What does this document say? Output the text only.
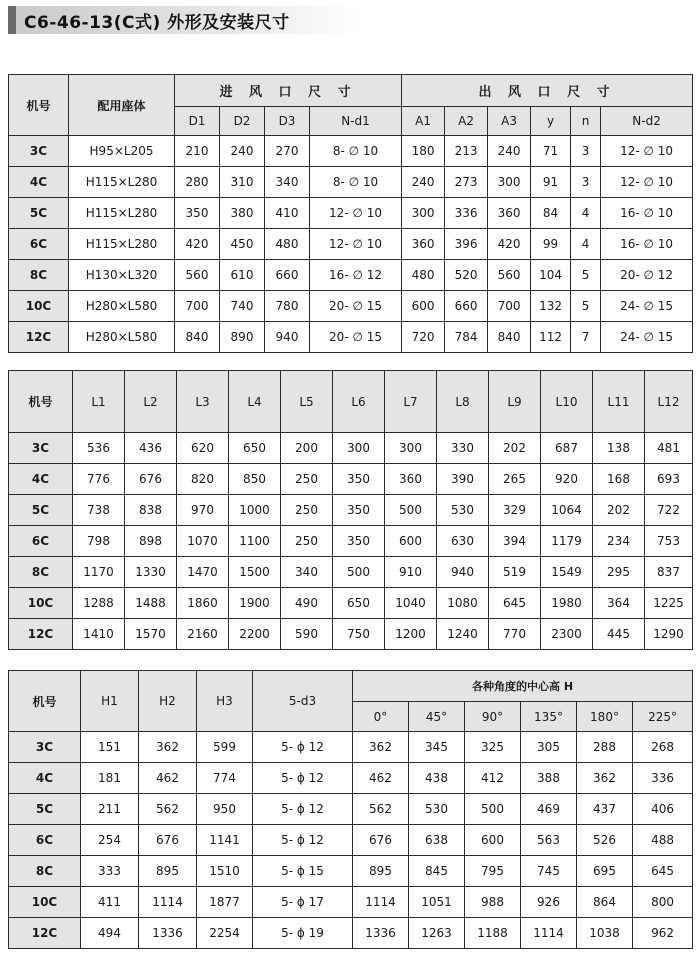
C6-46-13(C式) 外形及安装尺寸
机号	配用座体	进 风 口 尺 寸				出 风 口 尺 寸					
		D1	D2	D3	N-d1	A1	A2	A3	y	n	N-d2
3C	H95×L205	210	240	270	8- ∅ 10	180	213	240	71	3	12- ∅ 10
4C	H115×L280	280	310	340	8- ∅ 10	240	273	300	91	3	12- ∅ 10
5C	H115×L280	350	380	410	12- ∅ 10	300	336	360	84	4	16- ∅ 10
6C	H115×L280	420	450	480	12- ∅ 10	360	396	420	99	4	16- ∅ 10
8C	H130×L320	560	610	660	16- ∅ 12	480	520	560	104	5	20- ∅ 12
10C	H280×L580	700	740	780	20- ∅ 15	600	660	700	132	5	24- ∅ 15
12C	H280×L580	840	890	940	20- ∅ 15	720	784	840	112	7	24- ∅ 15
机号	L1	L2	L3	L4	L5	L6	L7	L8	L9	L10	L11	L12
3C	536	436	620	650	200	300	300	330	202	687	138	481
4C	776	676	820	850	250	350	360	390	265	920	168	693
5C	738	838	970	1000	250	350	500	530	329	1064	202	722
6C	798	898	1070	1100	250	350	600	630	394	1179	234	753
8C	1170	1330	1470	1500	340	500	910	940	519	1549	295	837
10C	1288	1488	1860	1900	490	650	1040	1080	645	1980	364	1225
12C	1410	1570	2160	2200	590	750	1200	1240	770	2300	445	1290
机号	H1	H2	H3	5-d3	各种角度的中心高 H					
					0°	45°	90°	135°	180°	225°
3C	151	362	599	5- ϕ 12	362	345	325	305	288	268
4C	181	462	774	5- ϕ 12	462	438	412	388	362	336
5C	211	562	950	5- ϕ 12	562	530	500	469	437	406
6C	254	676	1141	5- ϕ 12	676	638	600	563	526	488
8C	333	895	1510	5- ϕ 15	895	845	795	745	695	645
10C	411	1114	1877	5- ϕ 17	1114	1051	988	926	864	800
12C	494	1336	2254	5- ϕ 19	1336	1263	1188	1114	1038	962
